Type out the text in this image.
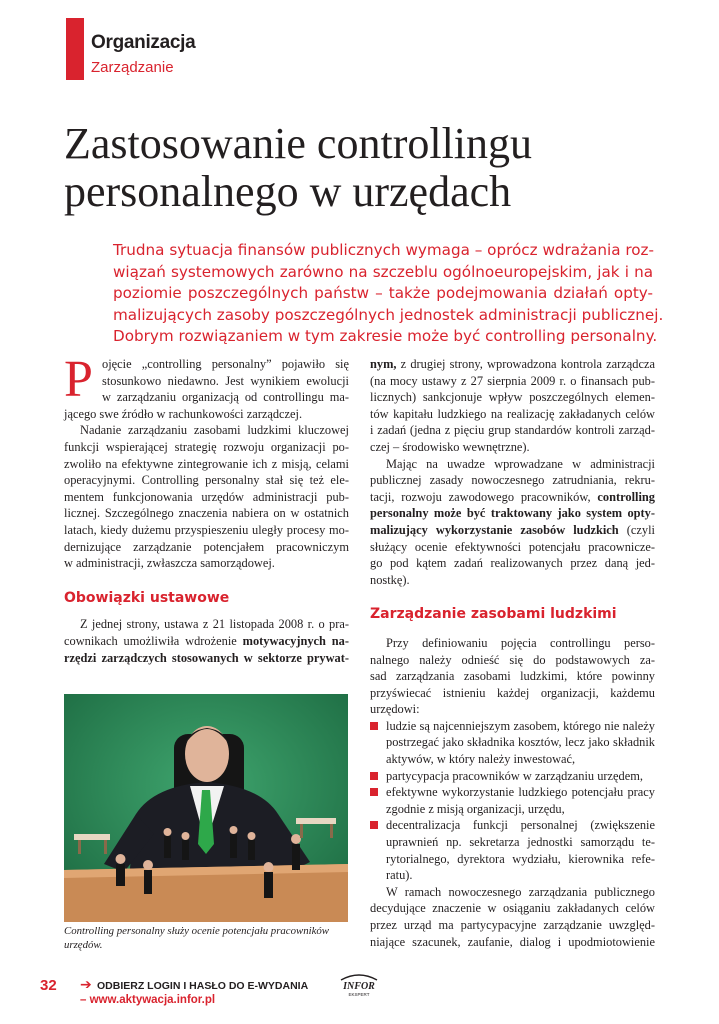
Organizacja
Zarządzanie
Zastosowanie controllingu
personalnego w urzędach
Trudna sytuacja finansów publicznych wymaga – oprócz wdrażania roz-
wiązań systemowych zarówno na szczeblu ogólnoeuropejskim, jak i na
poziomie poszczególnych państw – także podejmowania działań opty-
malizujących zasoby poszczególnych jednostek administracji publicznej.
Dobrym rozwiązaniem w tym zakresie może być controlling personalny.
P ojęcie „controlling personalny” pojawiło się
stosunkowo niedawno. Jest wynikiem ewolucji
w zarządzaniu organizacją od controllingu ma-
jącego swe źródło w rachunkowości zarządczej.
Nadanie zarządzaniu zasobami ludzkimi kluczowej
funkcji wspierającej strategię rozwoju organizacji po-
zwoliło na efektywne zintegrowanie ich z misją, celami
operacyjnymi. Controlling personalny stał się też ele-
mentem funkcjonowania urzędów administracji pub-
licznej. Szczególnego znaczenia nabiera on w ostatnich
latach, kiedy dużemu przyspieszeniu uległy procesy mo-
dernizujące zarządzanie potencjałem pracowniczym
w administracji, zwłaszcza samorządowej.
Obowiązki ustawowe
Z jednej strony, ustawa z 21 listopada 2008 r. o pra-
cownikach umożliwiła wdrożenie motywacyjnych na-
rzędzi zarządczych stosowanych w sektorze prywat-
Controlling personalny służy ocenie potencjału pracowników
urzędów.
nym, z drugiej strony, wprowadzona kontrola zarządcza
(na mocy ustawy z 27 sierpnia 2009 r. o finansach pub-
licznych) sankcjonuje wpływ poszczególnych elemen-
tów kapitału ludzkiego na realizację zakładanych celów
i zadań (jedna z pięciu grup standardów kontroli zarząd-
czej – środowisko wewnętrzne).
Mając na uwadze wprowadzane w administracji
publicznej zasady nowoczesnego zatrudniania, rekru-
tacji, rozwoju zawodowego pracowników, controlling
personalny może być traktowany jako system opty-
malizujący wykorzystanie zasobów ludzkich (czyli
służący ocenie efektywności potencjału pracownicze-
go pod kątem zadań realizowanych przez daną jed-
nostkę).
Zarządzanie zasobami ludzkimi
Przy definiowaniu pojęcia controllingu perso-
nalnego należy odnieść się do podstawowych za-
sad zarządzania zasobami ludzkimi, które powinny
przyświecać istnieniu każdej organizacji, każdemu
urzędowi:
ludzie są najcenniejszym zasobem, którego nie należy
postrzegać jako składnika kosztów, lecz jako składnik
aktywów, w który należy inwestować,
partycypacja pracowników w zarządzaniu urzędem,
efektywne wykorzystanie ludzkiego potencjału pracy
zgodnie z misją organizacji, urzędu,
decentralizacja funkcji personalnej (zwiększenie
uprawnień np. sekretarza jednostki samorządu te-
rytorialnego, dyrektora wydziału, kierownika refe-
ratu).
W ramach nowoczesnego zarządzania publicznego
decydujące znaczenie w osiąganiu zakładanych celów
przez urząd ma partycypacyjne zarządzanie uwzględ-
niające szacunek, zaufanie, dialog i upodmiotowienie
32 ➔ ODBIERZ LOGIN I HASŁO DO E-WYDANIA
– www.aktywacja.infor.pl
INFOR
EKSPERT
